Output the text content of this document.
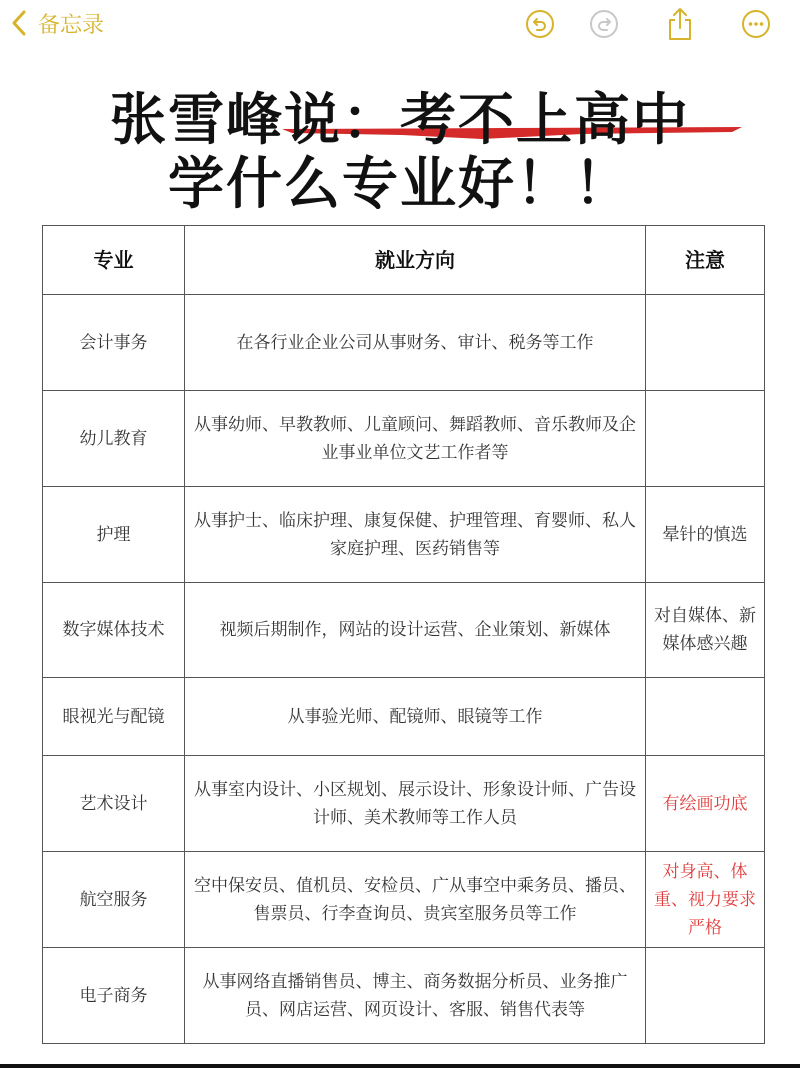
备忘录
张雪峰说：考不上高中
学什么专业好！！
专业	就业方向	注意
会计事务	在各行业企业公司从事财务、审计、税务等工作	
幼儿教育	从事幼师、早教教师、儿童顾问、舞蹈教师、音乐教师及企业事业单位文艺工作者等	
护理	从事护士、临床护理、康复保健、护理管理、育婴师、私人家庭护理、医药销售等	晕针的慎选
数字媒体技术	视频后期制作，网站的设计运营、企业策划、新媒体	对自媒体、新媒体感兴趣
眼视光与配镜	从事验光师、配镜师、眼镜等工作	
艺术设计	从事室内设计、小区规划、展示设计、形象设计师、广告设计师、美术教师等工作人员	有绘画功底
航空服务	空中保安员、值机员、安检员、广从事空中乘务员、播员、售票员、行李查询员、贵宾室服务员等工作	对身高、体重、视力要求严格
电子商务	从事网络直播销售员、博主、商务数据分析员、业务推广员、网店运营、网页设计、客服、销售代表等	
